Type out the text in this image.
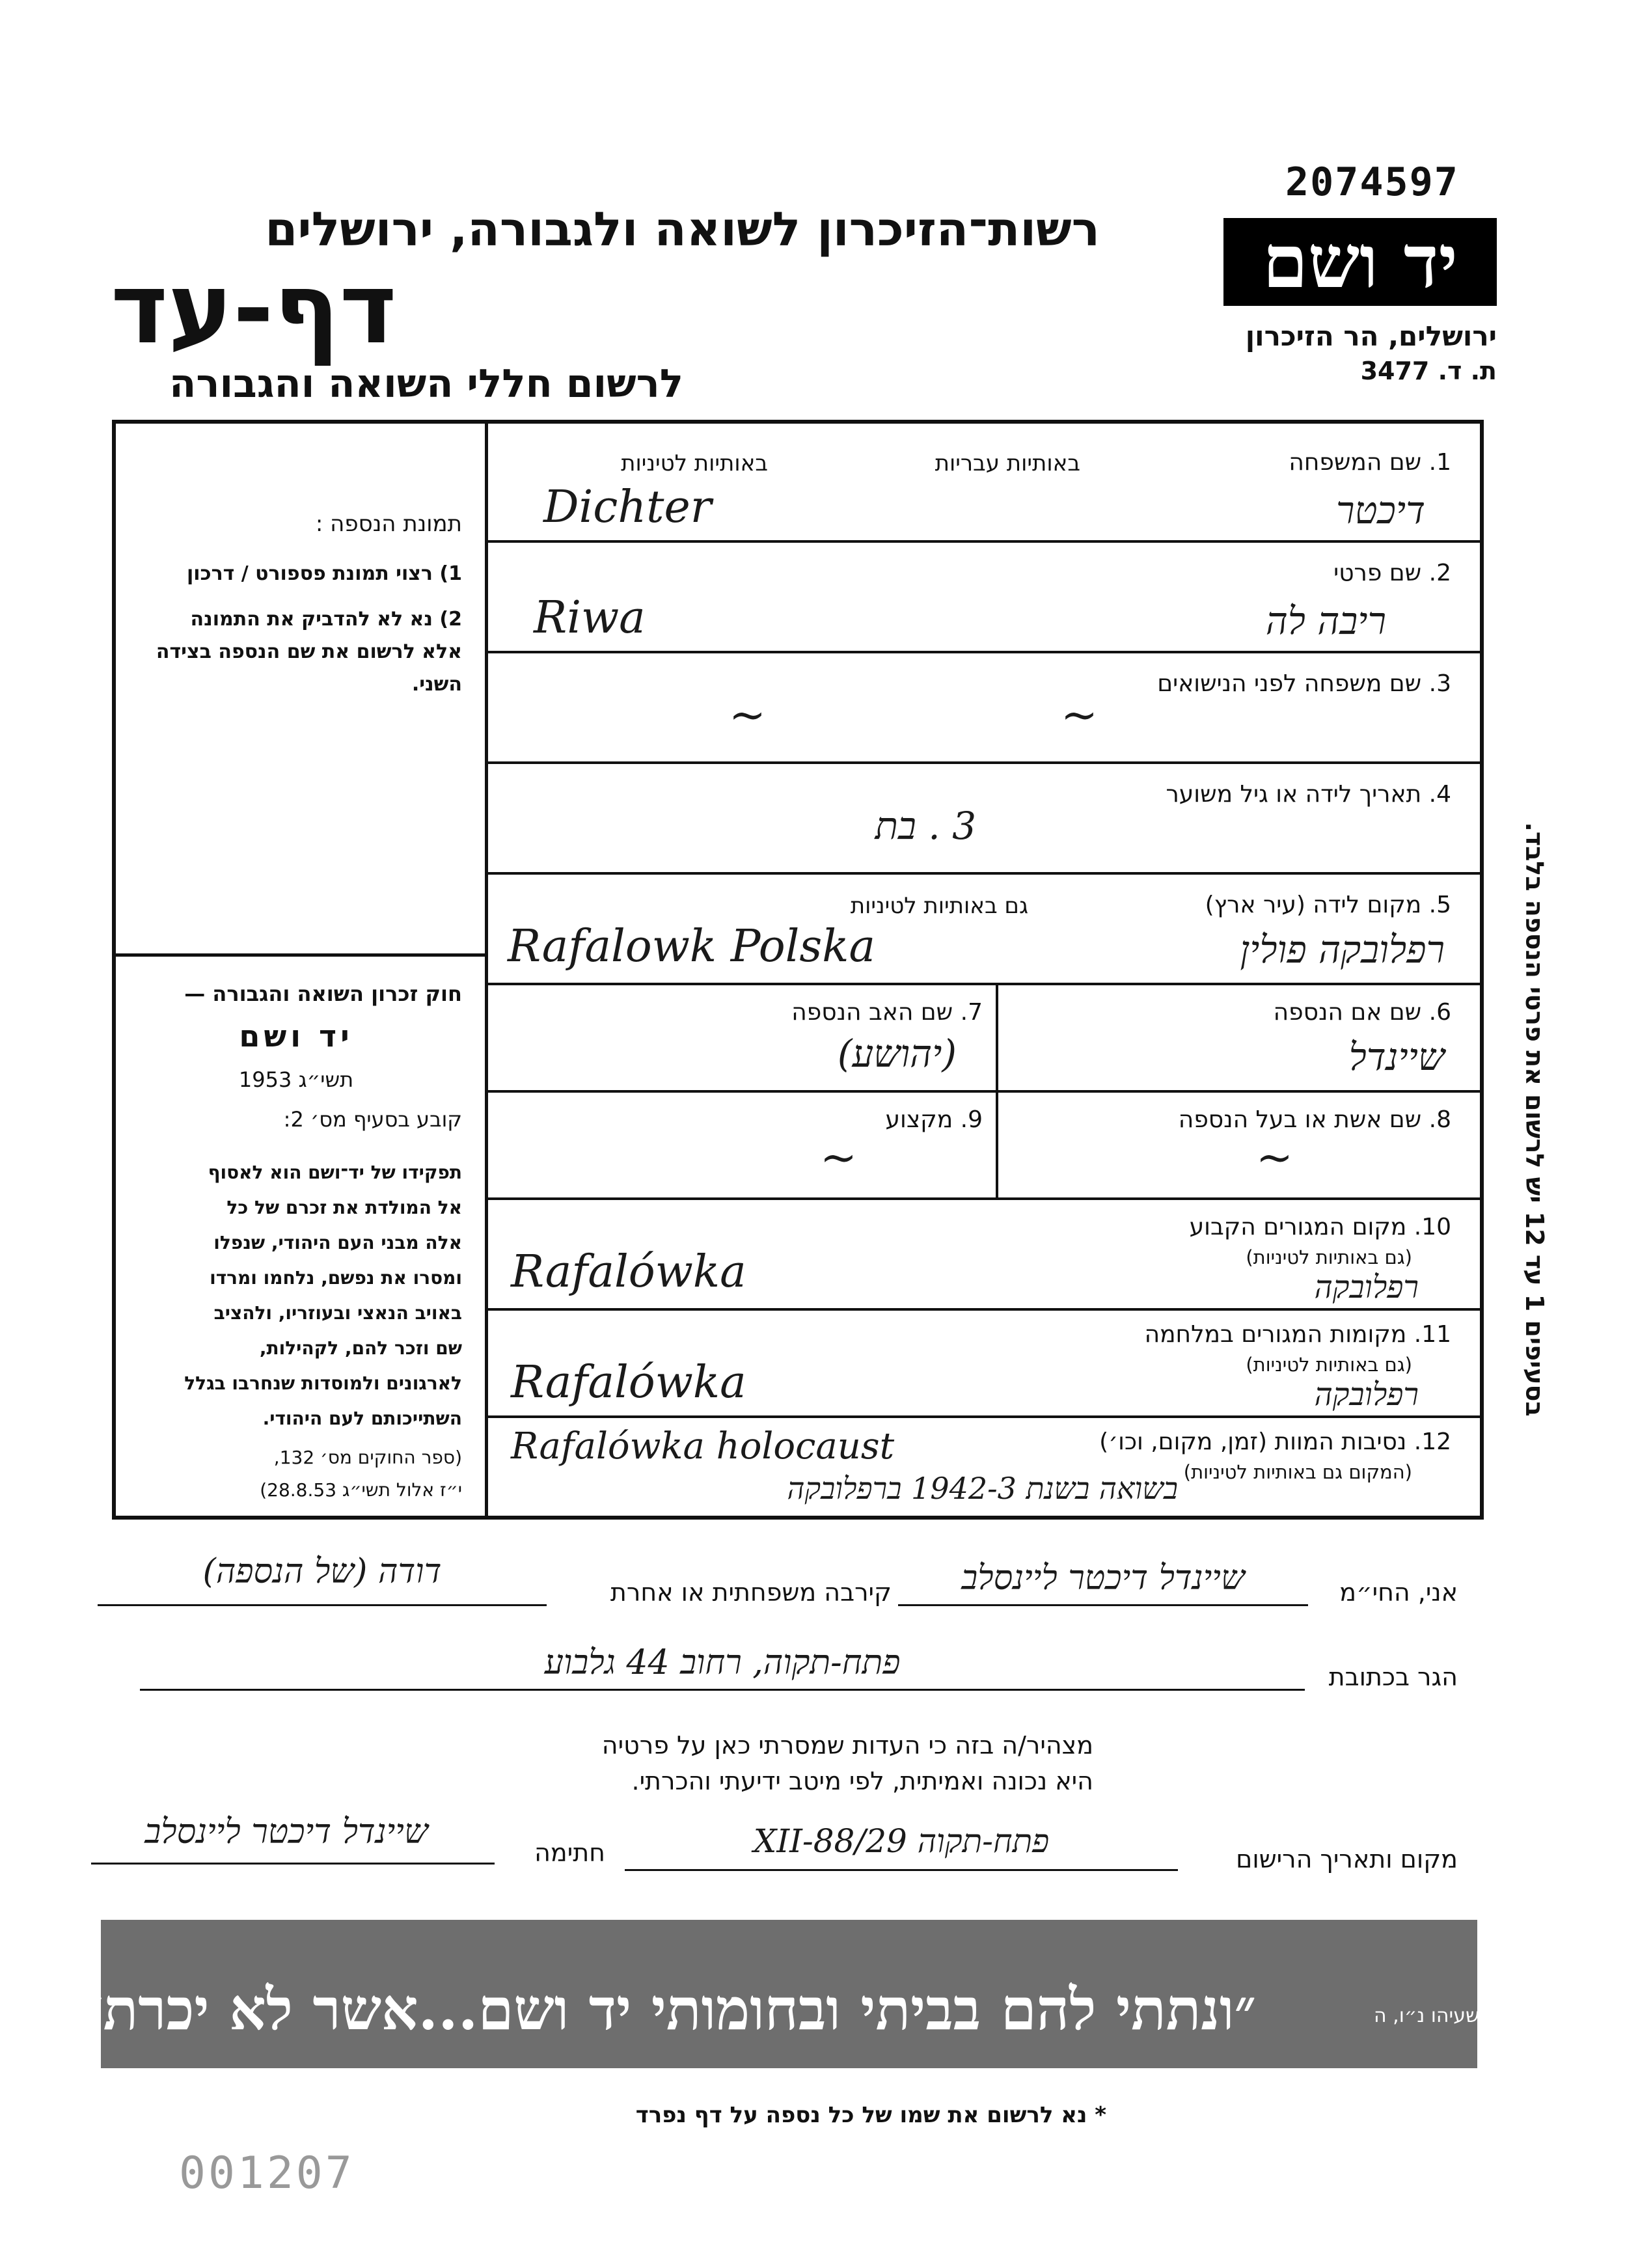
2074597
יד ושם
ירושלים, הר הזיכרון
ת. ד. 3477
רשות־הזיכרון לשואה ולגבורה, ירושלים
דף-עד
לרשום חללי השואה והגבורה
1. שם המשפחה
באותיות עבריות
באותיות לטיניות
Dichter	דיכטר
2. שם פרטי
Riwa	ריבה לה
3. שם משפחה לפני הנישואים
~	~
4. תאריך לידה או גיל משוער
3 . בת
5. מקום לידה (עיר ארץ)
גם באותיות לטיניות
Rafalowk Polska	רפלובקה פולין
6. שם אם הנספה
שיינדל
7. שם האב הנספה
(יהושע)
8. שם אשת או בעל הנספה
~
9. מקצוע
~
10. מקום המגורים הקבוע
(גם באותיות לטיניות)
Rafalówka	רפלובקה
11. מקומות המגורים במלחמה
(גם באותיות לטיניות)
Rafalówka	רפלובקה
12. נסיבות המוות (זמן, מקום, וכו׳)
(המקום גם באותיות לטיניות)
Rafalówka holocaust
בשואה בשנת 1942-3 ברפלובקה
תמונת הנספה :
1) רצוי תמונת פספורט / דרכון
2) נא לא להדביק את התמונה
אלא לרשום את שם הנספה בצידה
השני.
חוק זכרון השואה והגבורה —
יד ושם
תשי״ג 1953
קובע בסעיף מס׳ 2:
תפקידו של יד־ושם הוא לאסוף
אל המולדת את זכרם של כל
אלה מבני העם היהודי, שנפלו
ומסרו את נפשם, נלחמו ומרדו
באויב הנאצי ובעוזריו, ולהציב
שם וזכר להם, לקהילות,
לארגונים ולמוסדות שנחרבו בגלל
השתייכותם לעם היהודי.
(ספר החוקים מס׳ 132,
י״ז אלול תשי״ג 28.8.53)
בסעיפים 1 עד 12 יש לרשום את פרטי הנספה בלבד.
אני, החי״מ
שיינדל דיכטר ליינסלב
קירבה משפחתית או אחרת
דודה (של הנספה)
הגר בכתובת
פתח-תקוה, רחוב 44 גלבוע
מצהיר/ה בזה כי העדות שמסרתי כאן על פרטיה
היא נכונה ואמיתית, לפי מיטב ידיעתי והכרתי.
מקום ותאריך הרישום
פתח-תקוה 29/XII-88
חתימה
שיינדל דיכטר ליינסלב
״ונתתי להם בביתי ובחומותי יד ושם...אשר לא יכרת״	ישעיהו נ״ו, ה
* נא לרשום את שמו של כל נספה על דף נפרד
001207
